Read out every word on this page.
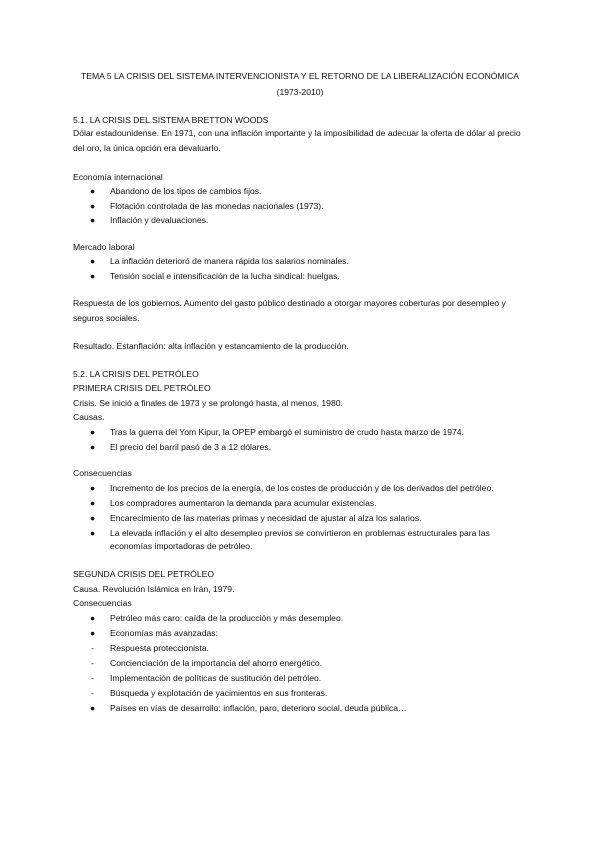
TEMA 5 LA CRISIS DEL SISTEMA INTERVENCIONISTA Y EL RETORNO DE LA LIBERALIZACIÓN ECONÓMICA
(1973-2010)
5.1. LA CRISIS DEL SISTEMA BRETTON WOODS
Dólar estadounidense. En 1971, con una inflación importante y la imposibilidad de adecuar la oferta de dólar al precio del oro, la única opción era devaluarlo.
Economía internacional
● Abandono de los tipos de cambios fijos.
● Flotación controlada de las monedas nacionales (1973).
● Inflación y devaluaciones.
Mercado laboral
● La inflación deterioró de manera rápida los salarios nominales.
● Tensión social e intensificación de la lucha sindical: huelgas.
Respuesta de los gobiernos. Aumento del gasto público destinado a otorgar mayores coberturas por desempleo y seguros sociales.
Resultado. Estanflación: alta inflación y estancamiento de la producción.
5.2. LA CRISIS DEL PETRÓLEO
PRIMERA CRISIS DEL PETRÓLEO
Crisis. Se inició a finales de 1973 y se prolongó hasta, al menos, 1980.
Causas.
● Tras la guerra del Yom Kipur, la OPEP embargó el suministro de crudo hasta marzo de 1974.
● El precio del barril pasó de 3 a 12 dólares.
Consecuencias
● Incremento de los precios de la energía, de los costes de producción y de los derivados del petróleo.
● Los compradores aumentaron la demanda para acumular existencias.
● Encarecimiento de las materias primas y necesidad de ajustar al alza los salarios.
● La elevada inflación y el alto desempleo previos se convirtieron en problemas estructurales para las economías importadoras de petróleo.
SEGUNDA CRISIS DEL PETRÓLEO
Causa. Revolución Islámica en Irán, 1979.
Consecuencias
● Petróleo más caro: caída de la producción y más desempleo.
● Economías más avanzadas:
- Respuesta proteccionista.
- Concienciación de la importancia del ahorro energético.
- Implementación de políticas de sustitución del petróleo.
- Búsqueda y explotación de yacimientos en sus fronteras.
● Países en vías de desarrollo: inflación, paro, deterioro social, deuda pública…
